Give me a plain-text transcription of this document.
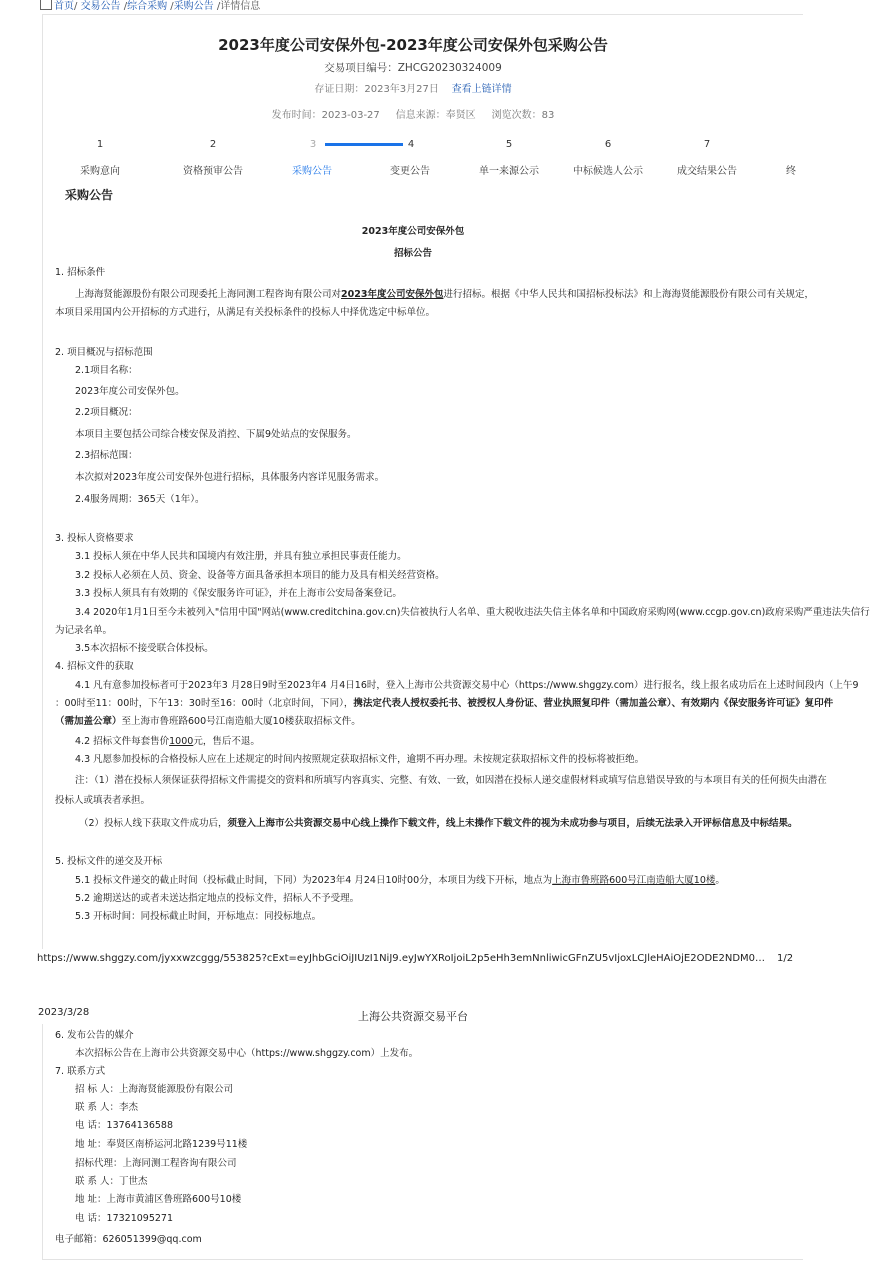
首页/ 交易公告 /综合采购 /采购公告 /详情信息
2023年度公司安保外包-2023年度公司安保外包采购公告
交易项目编号：ZHCG20230324009
存证日期：2023年3月27日 查看上链详情
发布时间：2023-03-27 信息来源：奉贤区 浏览次数：83
1	2	3	4	5	6	7
采购意向	资格预审公告	采购公告	变更公告	单一来源公示	中标候选人公示	成交结果公告	终
采购公告
2023年度公司安保外包
招标公告
1. 招标条件
上海海贤能源股份有限公司现委托上海同测工程咨询有限公司对2023年度公司安保外包进行招标。根据《中华人民共和国招标投标法》和上海海贤能源股份有限公司有关规定，
本项目采用国内公开招标的方式进行，从满足有关投标条件的投标人中择优选定中标单位。
2. 项目概况与招标范围
2.1项目名称：
2023年度公司安保外包。
2.2项目概况：
本项目主要包括公司综合楼安保及消控、下属9处站点的安保服务。
2.3招标范围：
本次拟对2023年度公司安保外包进行招标，具体服务内容详见服务需求。
2.4服务周期：365天（1年）。
3. 投标人资格要求
3.1 投标人须在中华人民共和国境内有效注册，并具有独立承担民事责任能力。
3.2 投标人必须在人员、资金、设备等方面具备承担本项目的能力及具有相关经营资格。
3.3 投标人须具有有效期的《保安服务许可证》，并在上海市公安局备案登记。
3.4 2020年1月1日至今未被列入"信用中国"网站(www.creditchina.gov.cn)失信被执行人名单、重大税收违法失信主体名单和中国政府采购网(www.ccgp.gov.cn)政府采购严重违法失信行
为记录名单。
3.5本次招标不接受联合体投标。
4. 招标文件的获取
4.1 凡有意参加投标者可于2023年3 月28日9时至2023年4 月4日16时，登入上海市公共资源交易中心（https://www.shggzy.com）进行报名，线上报名成功后在上述时间段内（上午9
：00时至11：00时，下午13：30时至16：00时（北京时间，下同），携法定代表人授权委托书、被授权人身份证、营业执照复印件（需加盖公章）、有效期内《保安服务许可证》复印件
（需加盖公章）至上海市鲁班路600号江南造船大厦10楼获取招标文件。
4.2 招标文件每套售价1000元，售后不退。
4.3 凡愿参加投标的合格投标人应在上述规定的时间内按照规定获取招标文件，逾期不再办理。未按规定获取招标文件的投标将被拒绝。
注：（1）潜在投标人须保证获得招标文件需提交的资料和所填写内容真实、完整、有效、一致，如因潜在投标人递交虚假材料或填写信息错误导致的与本项目有关的任何损失由潜在
投标人或填表者承担。
（2）投标人线下获取文件成功后，须登入上海市公共资源交易中心线上操作下载文件，线上未操作下载文件的视为未成功参与项目，后续无法录入开评标信息及中标结果。
5. 投标文件的递交及开标
5.1 投标文件递交的截止时间（投标截止时间，下同）为2023年4 月24日10时00分，本项目为线下开标，地点为上海市鲁班路600号江南造船大厦10楼。
5.2 逾期送达的或者未送达指定地点的投标文件，招标人不予受理。
5.3 开标时间：同投标截止时间，开标地点：同投标地点。
https://www.shggzy.com/jyxxwzcggg/553825?cExt=eyJhbGciOiJIUzI1NiJ9.eyJwYXRoIjoiL2p5eHh3emNnliwicGFnZU5vIjoxLCJleHAiOjE2ODE2NDM0… 1/2
2023/3/28	上海公共资源交易平台
6. 发布公告的媒介
本次招标公告在上海市公共资源交易中心（https://www.shggzy.com）上发布。
7. 联系方式
招 标 人：上海海贤能源股份有限公司
联 系 人：李杰
电 话：13764136588
地 址：奉贤区南桥运河北路1239号11楼
招标代理：上海同测工程咨询有限公司
联 系 人：丁世杰
地 址：上海市黄浦区鲁班路600号10楼
电 话：17321095271
电子邮箱：626051399@qq.com
